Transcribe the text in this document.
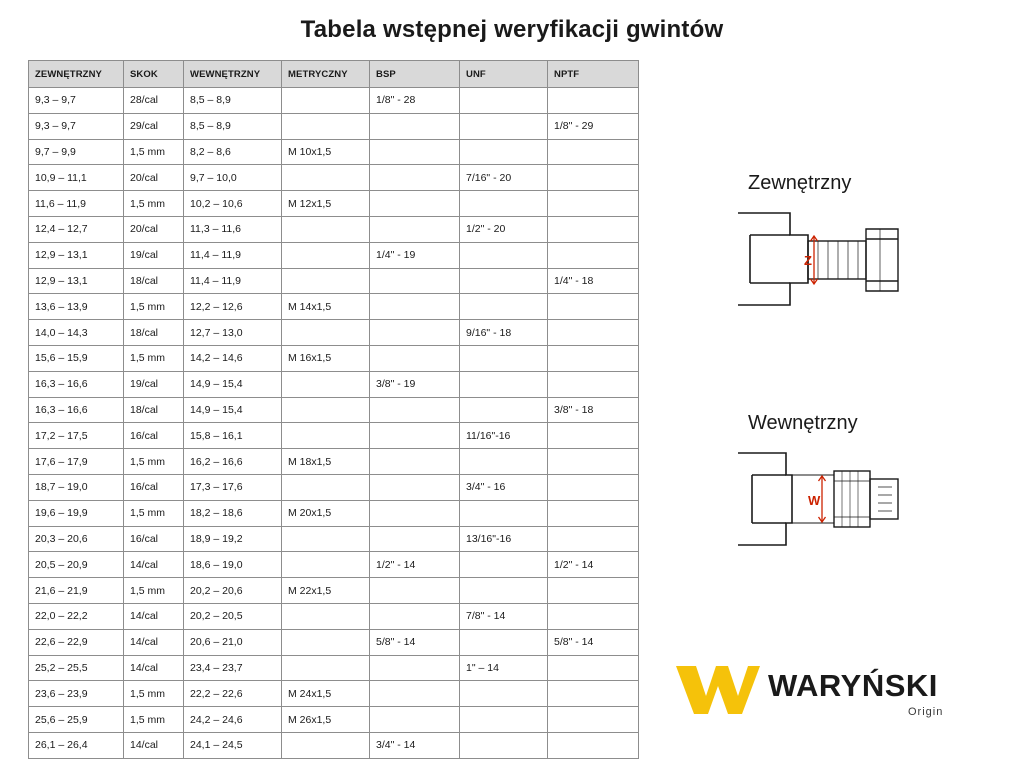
Tabela wstępnej weryfikacji gwintów
ZEWNĘTRZNY	SKOK	WEWNĘTRZNY	METRYCZNY	BSP	UNF	NPTF
9,3 – 9,7	28/cal	8,5 – 8,9		1/8" - 28		
9,3 – 9,7	29/cal	8,5 – 8,9				1/8" - 29
9,7 – 9,9	1,5 mm	8,2 – 8,6	M 10x1,5			
10,9 – 11,1	20/cal	9,7 – 10,0			7/16" - 20	
11,6 – 11,9	1,5 mm	10,2 – 10,6	M 12x1,5			
12,4 – 12,7	20/cal	11,3 – 11,6			1/2" - 20	
12,9 – 13,1	19/cal	11,4 – 11,9		1/4" - 19		
12,9 – 13,1	18/cal	11,4 – 11,9				1/4" - 18
13,6 – 13,9	1,5 mm	12,2 – 12,6	M 14x1,5			
14,0 – 14,3	18/cal	12,7 – 13,0			9/16" - 18	
15,6 – 15,9	1,5 mm	14,2 – 14,6	M 16x1,5			
16,3 – 16,6	19/cal	14,9 – 15,4		3/8" - 19		
16,3 – 16,6	18/cal	14,9 – 15,4				3/8" - 18
17,2 – 17,5	16/cal	15,8 – 16,1			11/16"-16	
17,6 – 17,9	1,5 mm	16,2 – 16,6	M 18x1,5			
18,7 – 19,0	16/cal	17,3 – 17,6			3/4" - 16	
19,6 – 19,9	1,5 mm	18,2 – 18,6	M 20x1,5			
20,3 – 20,6	16/cal	18,9 – 19,2			13/16"-16	
20,5 – 20,9	14/cal	18,6 – 19,0		1/2" - 14		1/2" - 14
21,6 – 21,9	1,5 mm	20,2 – 20,6	M 22x1,5			
22,0 – 22,2	14/cal	20,2 – 20,5			7/8" - 14	
22,6 – 22,9	14/cal	20,6 – 21,0		5/8" - 14		5/8" - 14
25,2 – 25,5	14/cal	23,4 – 23,7			1" – 14	
23,6 – 23,9	1,5 mm	22,2 – 22,6	M 24x1,5			
25,6 – 25,9	1,5 mm	24,2 – 24,6	M 26x1,5			
26,1 – 26,4	14/cal	24,1 – 24,5		3/4" - 14		
Zewnętrzny
Z
Wewnętrzny
W
WARYŃSKI
Origin
